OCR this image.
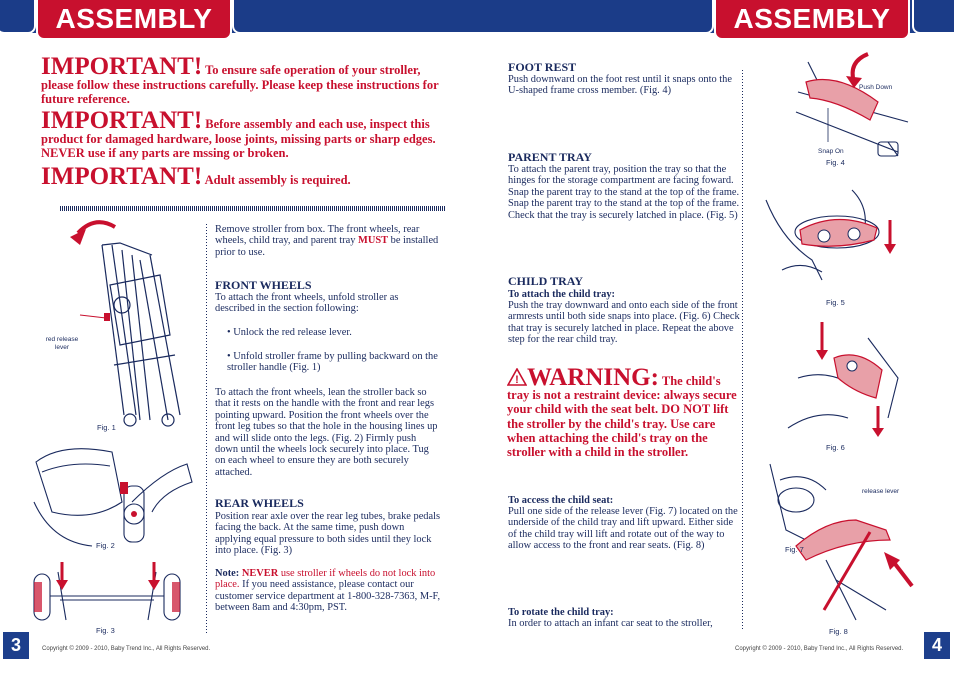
ASSEMBLY	ASSEMBLY
IMPORTANT! To ensure safe operation of your stroller, please follow these instructions carefully. Please keep these instructions for future reference.
IMPORTANT! Before assembly and each use, inspect this product for damaged hardware, loose joints, missing parts or sharp edges. NEVER use if any parts are mssing or broken.
IMPORTANT! Adult assembly is required.
red release lever
Fig. 1
Fig. 2
Fig. 3
Remove stroller from box. The front wheels, rear wheels, child tray, and parent tray MUST be installed prior to use.
FRONT WHEELS
To attach the front wheels, unfold stroller as described in the section following:
• Unlock the red release lever.
• Unfold stroller frame by pulling backward on the stroller handle (Fig. 1)
To attach the front wheels, lean the stroller back so that it rests on the handle with the front and rear legs pointing upward. Position the front wheels over the front leg tubes so that the hole in the housing lines up and will slide onto the legs. (Fig. 2) Firmly push down until the wheels lock securely into place. Tug on each wheel to ensure they are both securely attached.
REAR WHEELS
Position rear axle over the rear leg tubes, brake pedals facing the back. At the same time, push down applying equal pressure to both sides until they lock into place. (Fig. 3)
Note: NEVER use stroller if wheels do not lock into place. If you need assistance, please contact our customer service department at 1-800-328-7363, M-F, between 8am and 4:30pm, PST.
FOOT REST
Push downward on the foot rest until it snaps onto the U-shaped frame cross member. (Fig. 4)
PARENT TRAY
To attach the parent tray, position the tray so that the hinges for the storage compartment are facing foward. Snap the parent tray to the stand at the top of the frame. Snap the parent tray to the stand at the top of the frame. Check that the tray is securely latched in place. (Fig. 5)
CHILD TRAY
To attach the child tray:
Push the tray downward and onto each side of the front armrests until both side snaps into place. (Fig. 6) Check that tray is securely latched in place. Repeat the above step for the rear child tray.
! WARNING: The child's tray is not a restraint device: always secure your child with the seat belt. DO NOT lift the stroller by the child's tray. Use care when attaching the child's tray on the stroller with a child in the stroller.
To access the child seat:
Pull one side of the release lever (Fig. 7) located on the underside of the child tray and lift upward. Either side of the child tray will lift and rotate out of the way to allow access to the front and rear seats. (Fig. 8)
To rotate the child tray:
In order to attach an infant car seat to the stroller,
Push Down
Snap On
Fig. 4
Fig. 5
Fig. 6
release lever
Fig. 7
Fig. 8
3	4
Copyright © 2009 - 2010, Baby Trend Inc., All Rights Reserved.	Copyright © 2009 - 2010, Baby Trend Inc., All Rights Reserved.
